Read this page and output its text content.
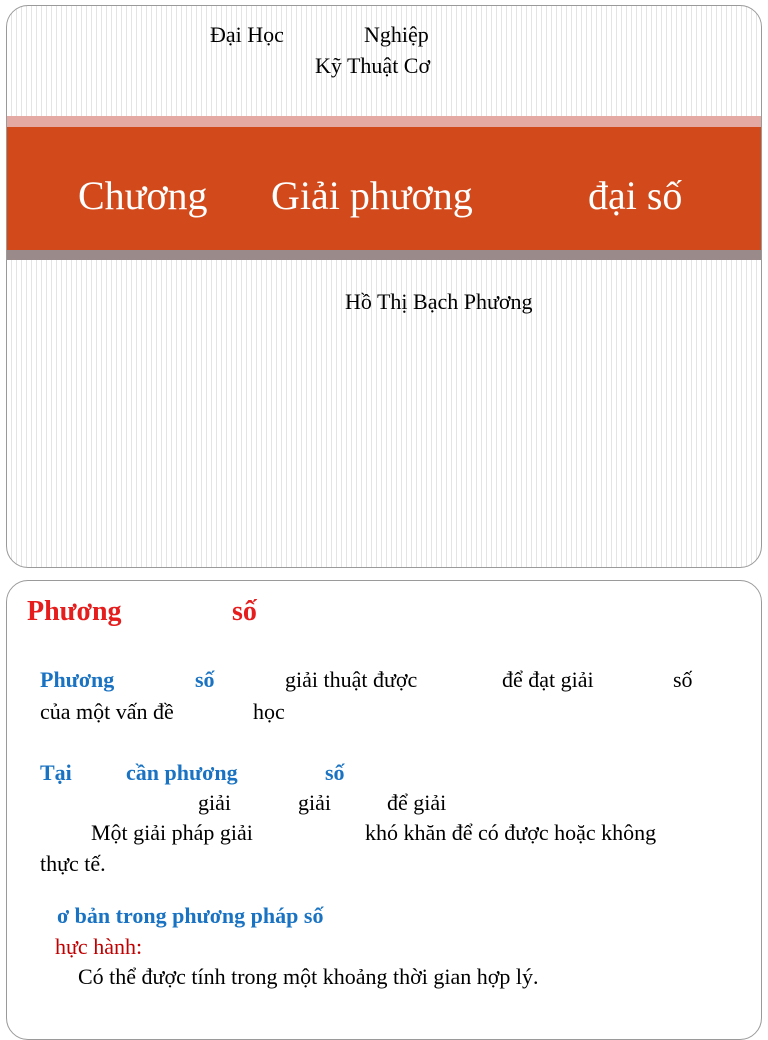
Đại Học	Nghiệp
Kỹ Thuật Cơ
Chương Giải phương	đại số
Hồ Thị Bạch Phương
Phương	số
Phương	số	giải thuật được	để đạt giải	số
của một vấn đề	học
Tại cần phương	số
giải	giải	để giải
Một giải pháp giải	khó khăn để có được hoặc không
thực tế.
ơ bản trong phương pháp số
hực hành:
Có thể được tính trong một khoảng thời gian hợp lý.
